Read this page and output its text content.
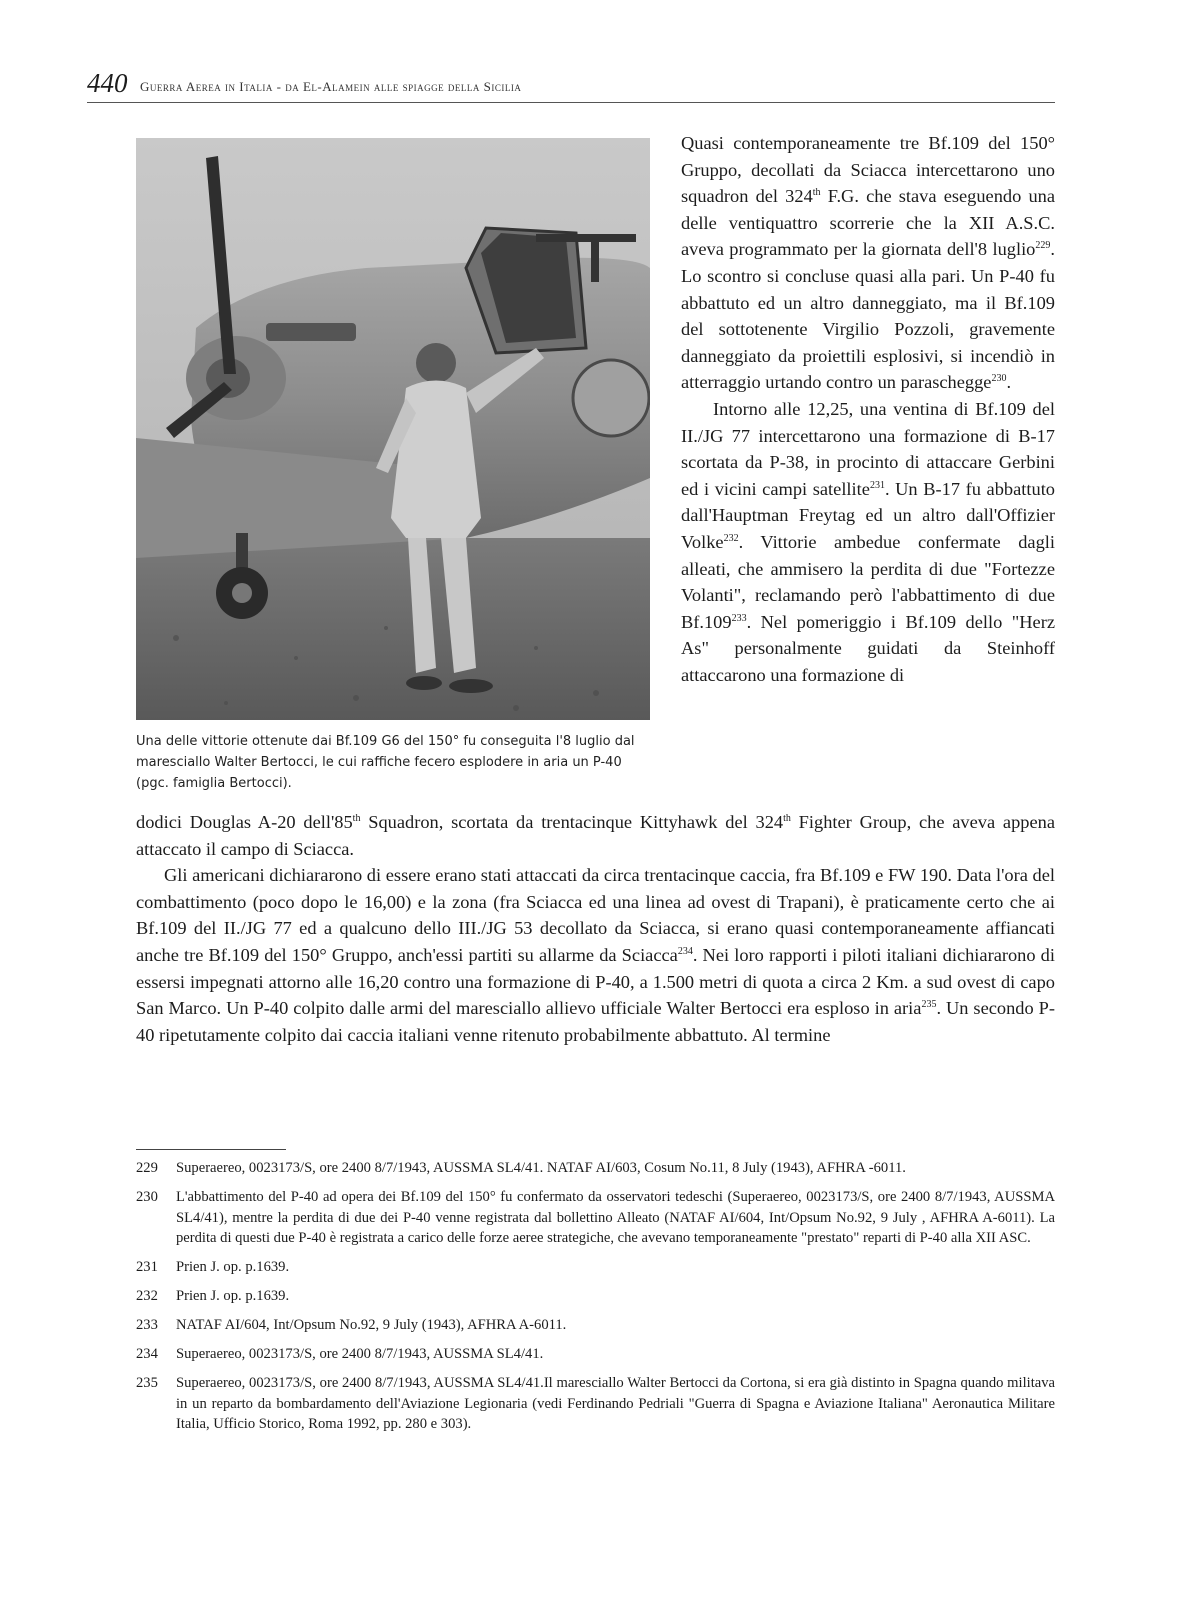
440 Guerra Aerea in Italia - da El-Alamein alle spiagge della Sicilia
Una delle vittorie ottenute dai Bf.109 G6 del 150° fu conseguita l'8 luglio dal maresciallo Walter Bertocci, le cui raffiche fecero esplodere in aria un P-40 (pgc. famiglia Bertocci).

Quasi contemporaneamente tre Bf.109 del 150° Gruppo, decollati da Sciacca intercettarono uno squadron del 324th F.G. che stava eseguendo una delle ventiquattro scorrerie che la XII A.S.C. aveva programmato per la giornata dell'8 luglio$^{229}$. Lo scontro si concluse quasi alla pari. Un P-40 fu abbattuto ed un altro danneggiato, ma il Bf.109 del sottotenente Virgilio Pozzoli, gravemente danneggiato da proiettili esplosivi, si incendiò in atterraggio urtando contro un paraschegge$^{230}$.

Intorno alle 12,25, una ventina di Bf.109 del II./JG 77 intercettarono una formazione di B-17 scortata da P-38, in procinto di attaccare Gerbini ed i vicini campi satellite$^{231}$. Un B-17 fu abbattuto dall'Hauptman Freytag ed un altro dall'Offizier Volke$^{232}$. Vittorie ambedue confermate dagli alleati, che ammisero la perdita di due "Fortezze Volanti", reclamando però l'abbattimento di due Bf.109$^{233}$. Nel pomeriggio i Bf.109 dello "Herz As" personalmente guidati da Steinhoff attaccarono una formazione di

dodici Douglas A-20 dell'85th Squadron, scortata da trentacinque Kittyhawk del 324th Fighter Group, che aveva appena attaccato il campo di Sciacca.

Gli americani dichiararono di essere erano stati attaccati da circa trentacinque caccia, fra Bf.109 e FW 190. Data l'ora del combattimento (poco dopo le 16,00) e la zona (fra Sciacca ed una linea ad ovest di Trapani), è praticamente certo che ai Bf.109 del II./JG 77 ed a qualcuno dello III./JG 53 decollato da Sciacca, si erano quasi contemporaneamente affiancati anche tre Bf.109 del 150° Gruppo, anch'essi partiti su allarme da Sciacca$^{234}$. Nei loro rapporti i piloti italiani dichiararono di essersi impegnati attorno alle 16,20 contro una formazione di P-40, a 1.500 metri di quota a circa 2 Km. a sud ovest di capo San Marco. Un P-40 colpito dalle armi del maresciallo allievo ufficiale Walter Bertocci era esploso in aria$^{235}$. Un secondo P-40 ripetutamente colpito dai caccia italiani venne ritenuto probabilmente abbattuto. Al termine

229	Superaereo, 0023173/S, ore 2400 8/7/1943, AUSSMA SL4/41. NATAF AI/603, Cosum No.11, 8 July (1943), AFHRA -6011.
230	L'abbattimento del P-40 ad opera dei Bf.109 del 150° fu confermato da osservatori tedeschi (Superaereo, 0023173/S, ore 2400 8/7/1943, AUSSMA SL4/41), mentre la perdita di due dei P-40 venne registrata dal bollettino Alleato (NATAF AI/604, Int/Opsum No.92, 9 July , AFHRA A-6011). La perdita di questi due P-40 è registrata a carico delle forze aeree strategiche, che avevano temporaneamente "prestato" reparti di P-40 alla XII ASC.
231	Prien J. op. p.1639.
232	Prien J. op. p.1639.
233	NATAF AI/604, Int/Opsum No.92, 9 July (1943), AFHRA A-6011.
234	Superaereo, 0023173/S, ore 2400 8/7/1943, AUSSMA SL4/41.
235	Superaereo, 0023173/S, ore 2400 8/7/1943, AUSSMA SL4/41.Il maresciallo Walter Bertocci da Cortona, si era già distinto in Spagna quando militava in un reparto da bombardamento dell'Aviazione Legionaria (vedi Ferdinando Pedriali "Guerra di Spagna e Aviazione Italiana" Aeronautica Militare Italia, Ufficio Storico, Roma 1992, pp. 280 e 303).
